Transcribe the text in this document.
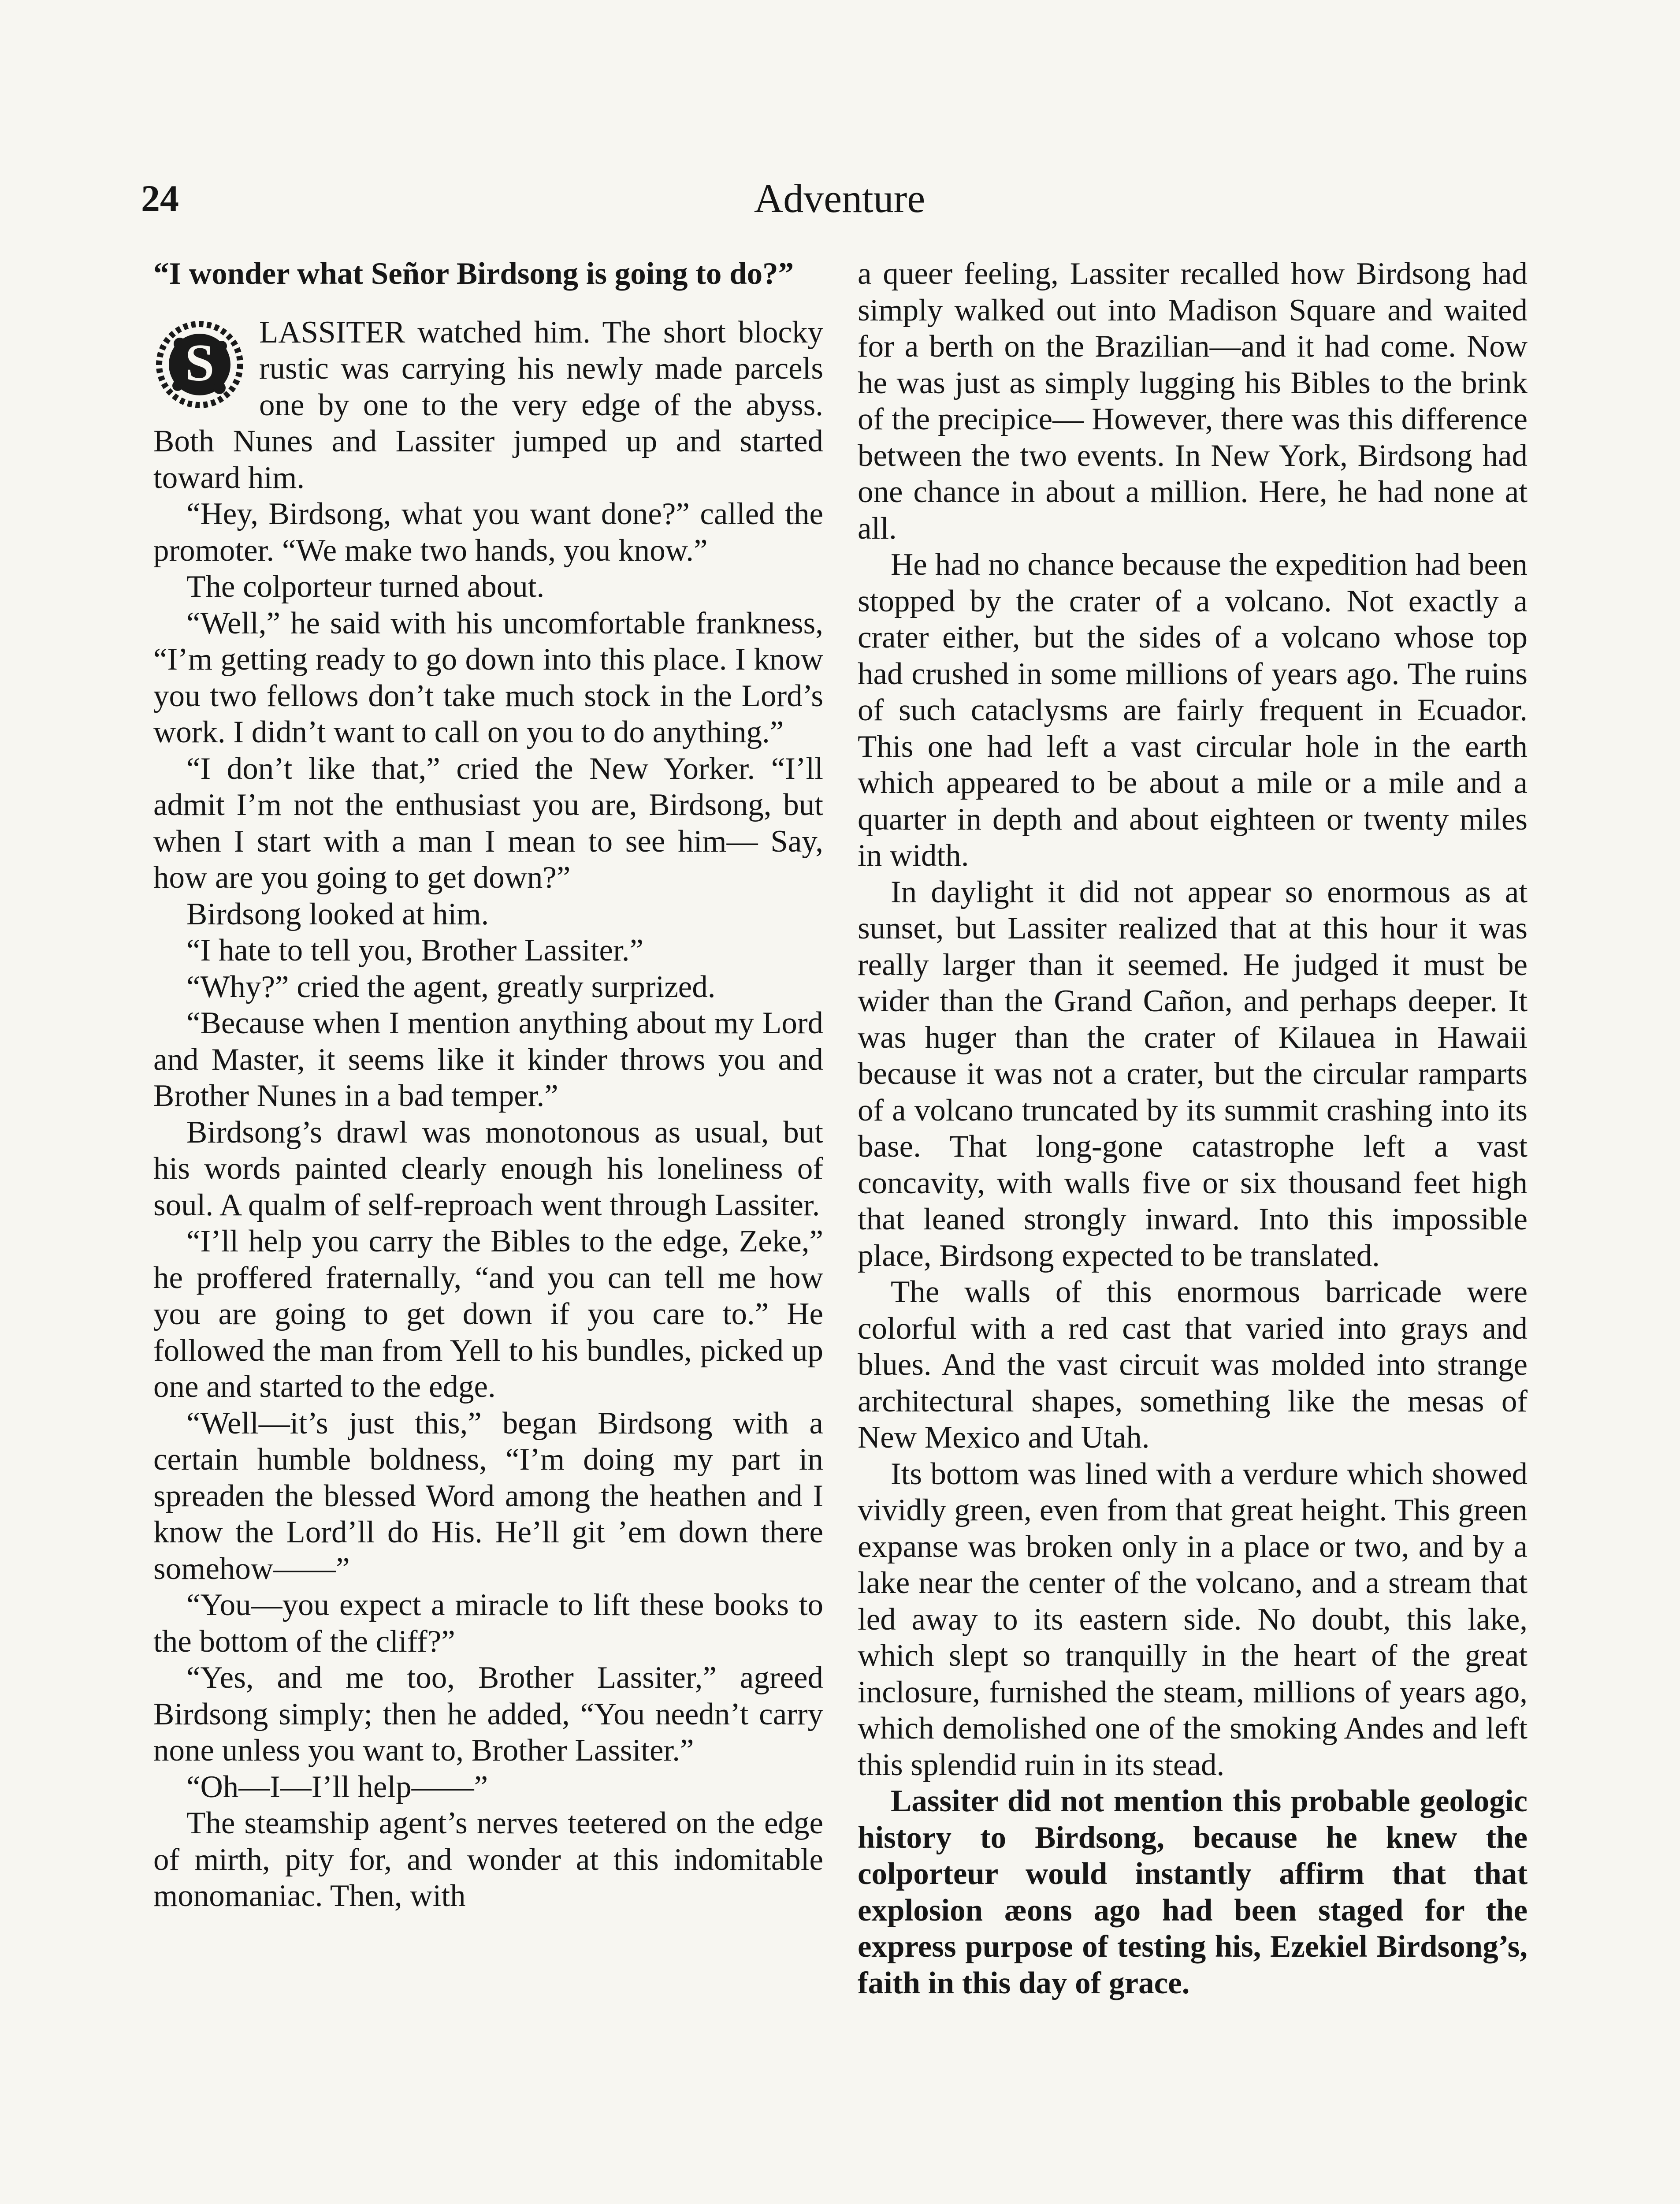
24	Adventure

“I wonder what Señor Birdsong is going to do?”

S

LASSITER watched him. The short blocky rustic was carrying his newly made parcels one by one to the very edge of the abyss. Both Nunes and Lassiter jumped up and started toward him.

“Hey, Birdsong, what you want done?” called the promoter. “We make two hands, you know.”

The colporteur turned about.

“Well,” he said with his uncomfortable frankness, “I’m getting ready to go down into this place. I know you two fellows don’t take much stock in the Lord’s work. I didn’t want to call on you to do anything.”

“I don’t like that,” cried the New Yorker. “I’ll admit I’m not the enthusiast you are, Birdsong, but when I start with a man I mean to see him— Say, how are you going to get down?”

Birdsong looked at him.

“I hate to tell you, Brother Lassiter.”

“Why?” cried the agent, greatly surprized.

“Because when I mention anything about my Lord and Master, it seems like it kinder throws you and Brother Nunes in a bad temper.”

Birdsong’s drawl was monotonous as usual, but his words painted clearly enough his loneliness of soul. A qualm of self-reproach went through Lassiter.

“I’ll help you carry the Bibles to the edge, Zeke,” he proffered fraternally, “and you can tell me how you are going to get down if you care to.” He followed the man from Yell to his bundles, picked up one and started to the edge.

“Well—it’s just this,” began Birdsong with a certain humble boldness, “I’m doing my part in spreaden the blessed Word among the heathen and I know the Lord’ll do His. He’ll git ’em down there somehow——”

“You—you expect a miracle to lift these books to the bottom of the cliff?”

“Yes, and me too, Brother Lassiter,” agreed Birdsong simply; then he added, “You needn’t carry none unless you want to, Brother Lassiter.”

“Oh—I—I’ll help——”

The steamship agent’s nerves teetered on the edge of mirth, pity for, and wonder at this indomitable monomaniac. Then, with

a queer feeling, Lassiter recalled how Birdsong had simply walked out into Madison Square and waited for a berth on the Brazilian—and it had come. Now he was just as simply lugging his Bibles to the brink of the precipice— However, there was this difference between the two events. In New York, Birdsong had one chance in about a million. Here, he had none at all.

He had no chance because the expedition had been stopped by the crater of a volcano. Not exactly a crater either, but the sides of a volcano whose top had crushed in some millions of years ago. The ruins of such cataclysms are fairly frequent in Ecuador. This one had left a vast circular hole in the earth which appeared to be about a mile or a mile and a quarter in depth and about eighteen or twenty miles in width.

In daylight it did not appear so enormous as at sunset, but Lassiter realized that at this hour it was really larger than it seemed. He judged it must be wider than the Grand Cañon, and perhaps deeper. It was huger than the crater of Kilauea in Hawaii because it was not a crater, but the circular ramparts of a volcano truncated by its summit crashing into its base. That long-gone catastrophe left a vast concavity, with walls five or six thousand feet high that leaned strongly inward. Into this impossible place, Birdsong expected to be translated.

The walls of this enormous barricade were colorful with a red cast that varied into grays and blues. And the vast circuit was molded into strange architectural shapes, something like the mesas of New Mexico and Utah.

Its bottom was lined with a verdure which showed vividly green, even from that great height. This green expanse was broken only in a place or two, and by a lake near the center of the volcano, and a stream that led away to its eastern side. No doubt, this lake, which slept so tranquilly in the heart of the great inclosure, furnished the steam, millions of years ago, which demolished one of the smoking Andes and left this splendid ruin in its stead.

Lassiter did not mention this probable geologic history to Birdsong, because he knew the colporteur would instantly affirm that that explosion æons ago had been staged for the express purpose of testing his, Ezekiel Birdsong’s, faith in this day of grace.
